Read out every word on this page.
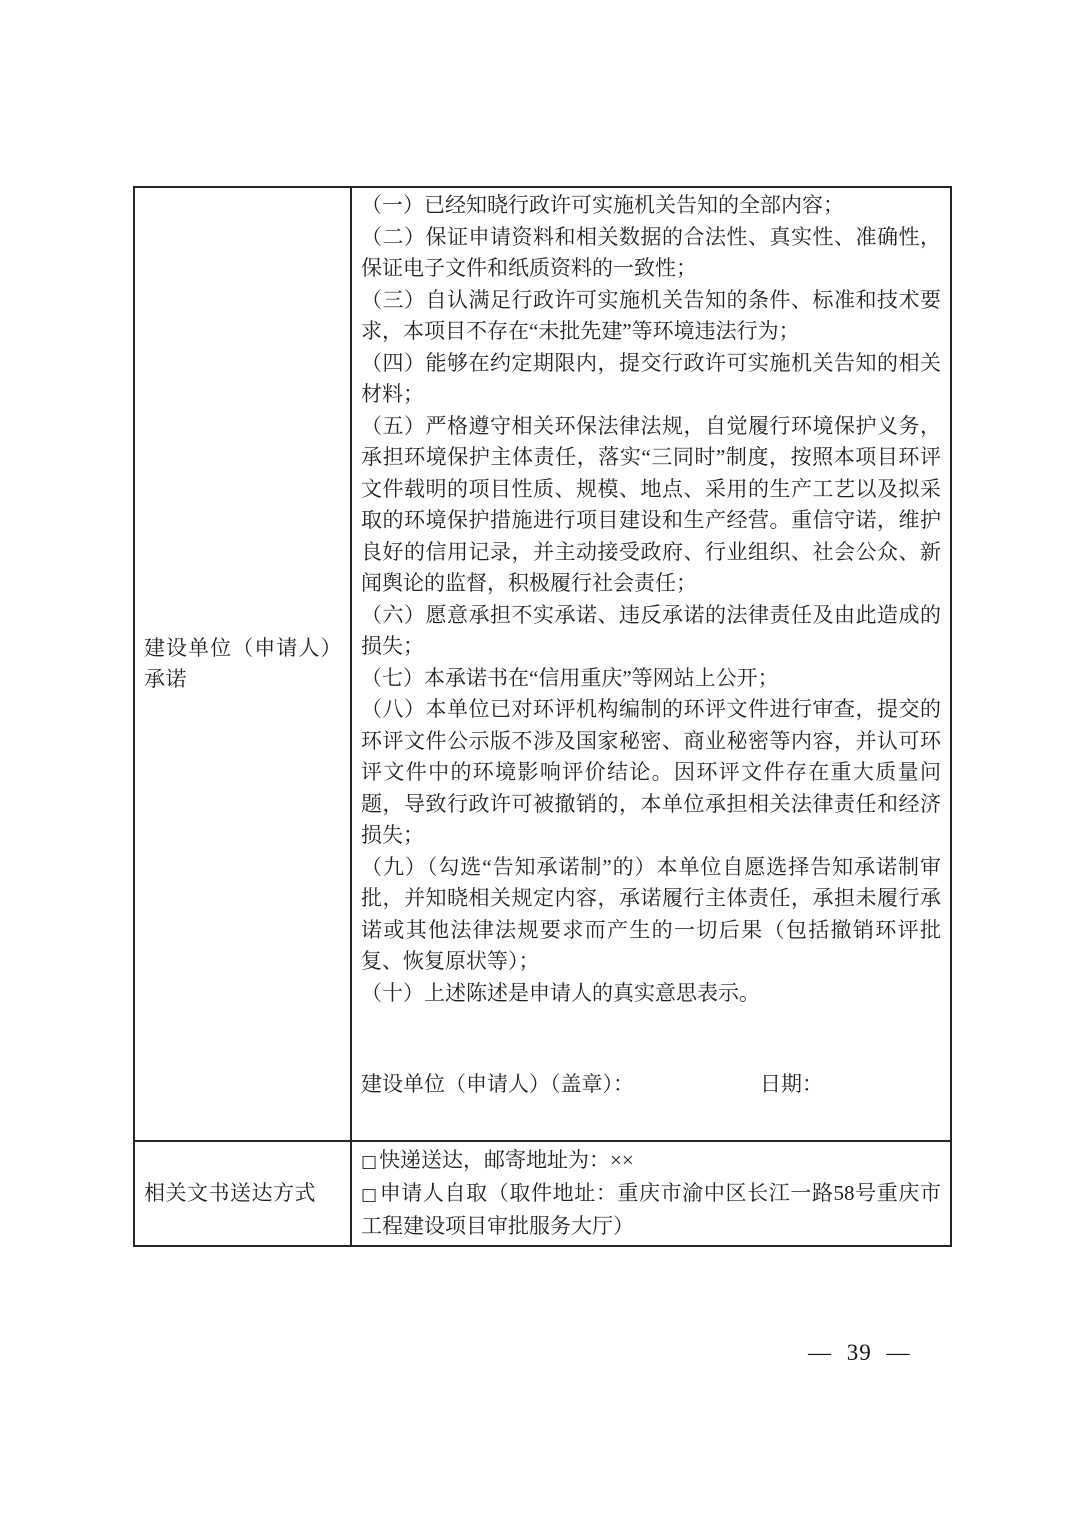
建设单位（申请人）承诺

（一）已经知晓行政许可实施机关告知的全部内容；

（二）保证申请资料和相关数据的合法性、真实性、准确性，保证电子文件和纸质资料的一致性；

（三）自认满足行政许可实施机关告知的条件、标准和技术要求，本项目不存在“未批先建”等环境违法行为；

（四）能够在约定期限内，提交行政许可实施机关告知的相关材料；

（五）严格遵守相关环保法律法规，自觉履行环境保护义务，承担环境保护主体责任，落实“三同时”制度，按照本项目环评文件载明的项目性质、规模、地点、采用的生产工艺以及拟采取的环境保护措施进行项目建设和生产经营。重信守诺，维护良好的信用记录，并主动接受政府、行业组织、社会公众、新闻舆论的监督，积极履行社会责任；

（六）愿意承担不实承诺、违反承诺的法律责任及由此造成的损失；

（七）本承诺书在“信用重庆”等网站上公开；

（八）本单位已对环评机构编制的环评文件进行审查，提交的环评文件公示版不涉及国家秘密、商业秘密等内容，并认可环评文件中的环境影响评价结论。因环评文件存在重大质量问题，导致行政许可被撤销的，本单位承担相关法律责任和经济损失；

（九）（勾选“告知承诺制”的）本单位自愿选择告知承诺制审批，并知晓相关规定内容，承诺履行主体责任，承担未履行承诺或其他法律法规要求而产生的一切后果（包括撤销环评批复、恢复原状等）；

（十）上述陈述是申请人的真实意思表示。

建设单位（申请人）（盖章）：	日期：
相关文书送达方式

□快递送达，邮寄地址为：××

□申请人自取（取件地址：重庆市渝中区长江一路58号重庆市工程建设项目审批服务大厅）

— 39 —
